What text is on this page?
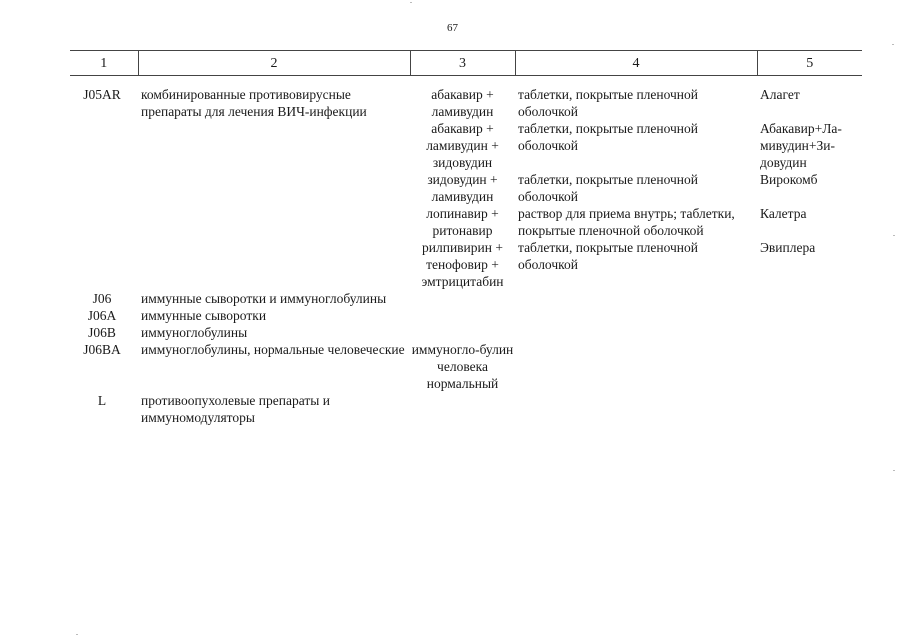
67
1	2	3	4	5
J05AR	комбинированные противовирусные препараты для лечения ВИЧ-инфекции	абакавир + ламивудин	таблетки, покрытые пленочной оболочкой	Алагет
		абакавир + ламивудин + зидовудин	таблетки, покрытые пленочной оболочкой	Абакавир+Ла-мивудин+Зи-довудин
		зидовудин + ламивудин	таблетки, покрытые пленочной оболочкой	Вирокомб
		лопинавир + ритонавир	раствор для приема внутрь; таблетки, покрытые пленочной оболочкой	Калетра
		рилпивирин + тенофовир + эмтрицитабин	таблетки, покрытые пленочной оболочкой	Эвиплера
J06	иммунные сыворотки и иммуноглобулины			
J06A	иммунные сыворотки			
J06B	иммуноглобулины			
J06BA	иммуноглобулины, нормальные человеческие	иммуногло-булин человека нормальный		
L	противоопухолевые препараты и иммуномодуляторы			
